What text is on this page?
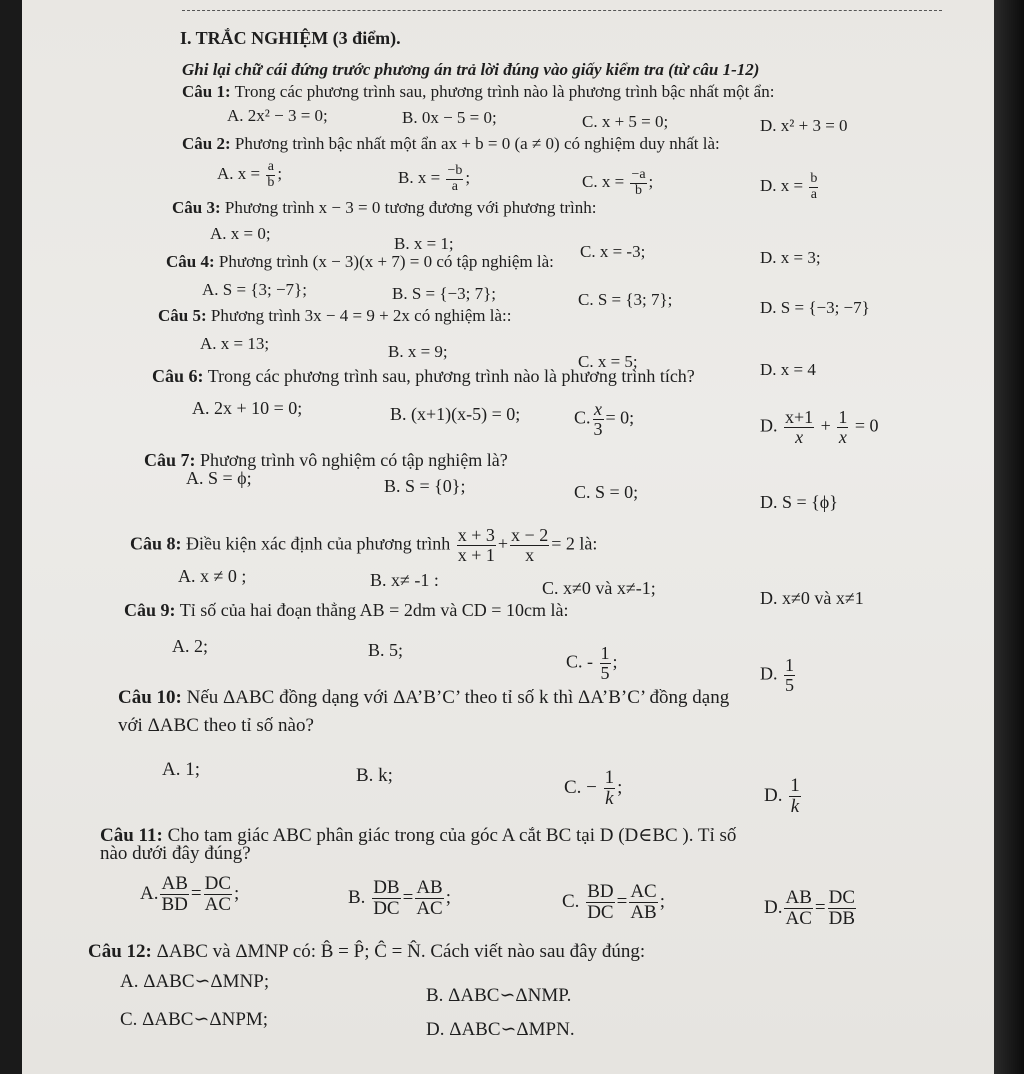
I. TRẮC NGHIỆM (3 điểm).
Ghi lại chữ cái đứng trước phương án trả lời đúng vào giấy kiểm tra (từ câu 1-12)
Câu 1: Trong các phương trình sau, phương trình nào là phương trình bậc nhất một ẩn:
A. 2x² − 3 = 0;	B. 0x − 5 = 0;	C. x + 5 = 0;	D. x² + 3 = 0
Câu 2: Phương trình bậc nhất một ẩn ax + b = 0 (a ≠ 0) có nghiệm duy nhất là:
A. $x = \frac{a}{b}$ ;	B. $x = \frac{-b}{a}$ ;	C. $x = \frac{-a}{b}$ ;	D. $x = \frac{b}{a}$
Câu 3: Phương trình x − 3 = 0 tương đương với phương trình:
A. x = 0;
B. x = 1;	C. x = -3;	D. x = 3;
Câu 4: Phương trình (x − 3)(x + 7) = 0 có tập nghiệm là:
A. S = {3; −7};	B. S = {−3; 7};	C. S = {3; 7};	D. S = {−3; −7}
Câu 5: Phương trình 3x − 4 = 9 + 2x có nghiệm là::
A. x = 13;	B. x = 9;
C. x = 5;	D. x = 4
Câu 6: Trong các phương trình sau, phương trình nào là phương trình tích?
A. 2x + 10 = 0;	B. (x+1)(x-5) = 0;	C. $\frac{x}{3} = 0$;	D. $\frac{x+1}{x} + \frac{1}{x} = 0$
Câu 7: Phương trình vô nghiệm có tập nghiệm là?
A. S = ϕ;	B. S = {0};	C. S = 0;	D. S = {ϕ}
Câu 8: Điều kiện xác định của phương trình $\frac{x + 3}{x + 1} + \frac{x - 2}{x} = 2$ là:
A. x ≠ 0 ;	B. x≠ -1 :	C. x≠0 và x≠-1;	D. x≠0 và x≠1
Câu 9: Tỉ số của hai đoạn thẳng AB = 2dm và CD = 10cm là:
A. 2;	B. 5;
C. - $\frac{1}{5}$ ;
D. $\frac{1}{5}$
Câu 10: Nếu ΔABC đồng dạng với ΔA’B’C’ theo tỉ số k thì ΔA’B’C’ đồng dạng
với ΔABC theo tỉ số nào?
A. 1;	B. k;
C. − $\frac{1}{k}$ ;	D. $\frac{1}{k}$
Câu 11: Cho tam giác ABC phân giác trong của góc A cắt BC tại D (D∈BC ). Tỉ số
nào dưới đây đúng?
A. $\frac{AB}{BD} = \frac{DC}{AC}$ ;	B. $\frac{DB}{DC} = \frac{AB}{AC}$ ;	C. $\frac{BD}{DC} = \frac{AC}{AB}$ ;	D. $\frac{AB}{AC} = \frac{DC}{DB}$
Câu 12: ΔABC và ΔMNP có: B̂ = P̂; Ĉ = N̂. Cách viết nào sau đây đúng:
A. ΔABC∽ΔMNP;
B. ΔABC∽ΔNMP.
C. ΔABC∽ΔNPM;	D. ΔABC∽ΔMPN.
